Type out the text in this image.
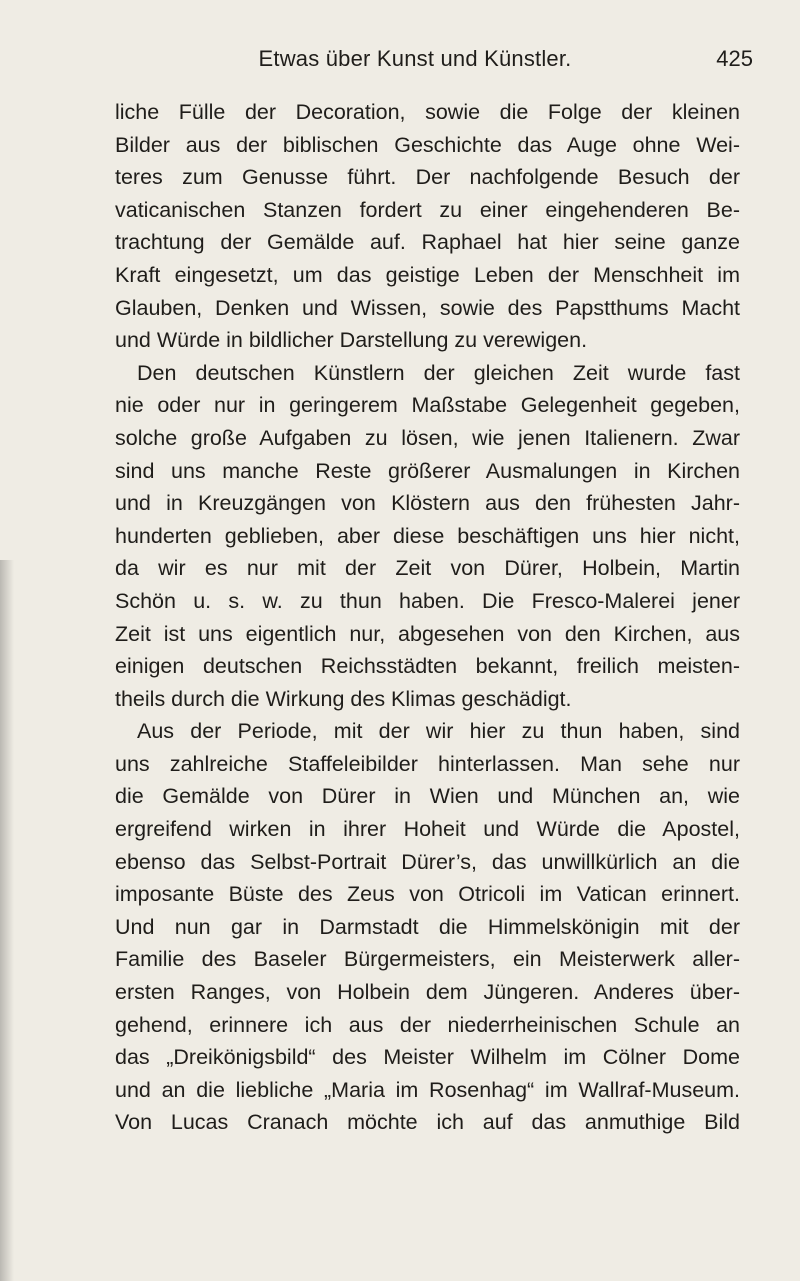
Etwas über Kunst und Künstler.	425
liche Fülle der Decoration, sowie die Folge der kleinen
Bilder aus der biblischen Geschichte das Auge ohne Wei-
teres zum Genusse führt. Der nachfolgende Besuch der
vaticanischen Stanzen fordert zu einer eingehenderen Be-
trachtung der Gemälde auf. Raphael hat hier seine ganze
Kraft eingesetzt, um das geistige Leben der Menschheit im
Glauben, Denken und Wissen, sowie des Papstthums Macht
und Würde in bildlicher Darstellung zu verewigen.
Den deutschen Künstlern der gleichen Zeit wurde fast
nie oder nur in geringerem Maßstabe Gelegenheit gegeben,
solche große Aufgaben zu lösen, wie jenen Italienern. Zwar
sind uns manche Reste größerer Ausmalungen in Kirchen
und in Kreuzgängen von Klöstern aus den frühesten Jahr-
hunderten geblieben, aber diese beschäftigen uns hier nicht,
da wir es nur mit der Zeit von Dürer, Holbein, Martin
Schön u. s. w. zu thun haben. Die Fresco-Malerei jener
Zeit ist uns eigentlich nur, abgesehen von den Kirchen, aus
einigen deutschen Reichsstädten bekannt, freilich meisten-
theils durch die Wirkung des Klimas geschädigt.
Aus der Periode, mit der wir hier zu thun haben, sind
uns zahlreiche Staffeleibilder hinterlassen. Man sehe nur
die Gemälde von Dürer in Wien und München an, wie
ergreifend wirken in ihrer Hoheit und Würde die Apostel,
ebenso das Selbst-Portrait Dürer’s, das unwillkürlich an die
imposante Büste des Zeus von Otricoli im Vatican erinnert.
Und nun gar in Darmstadt die Himmelskönigin mit der
Familie des Baseler Bürgermeisters, ein Meisterwerk aller-
ersten Ranges, von Holbein dem Jüngeren. Anderes über-
gehend, erinnere ich aus der niederrheinischen Schule an
das „Dreikönigsbild“ des Meister Wilhelm im Cölner Dome
und an die liebliche „Maria im Rosenhag“ im Wallraf-Museum.
Von Lucas Cranach möchte ich auf das anmuthige Bild
